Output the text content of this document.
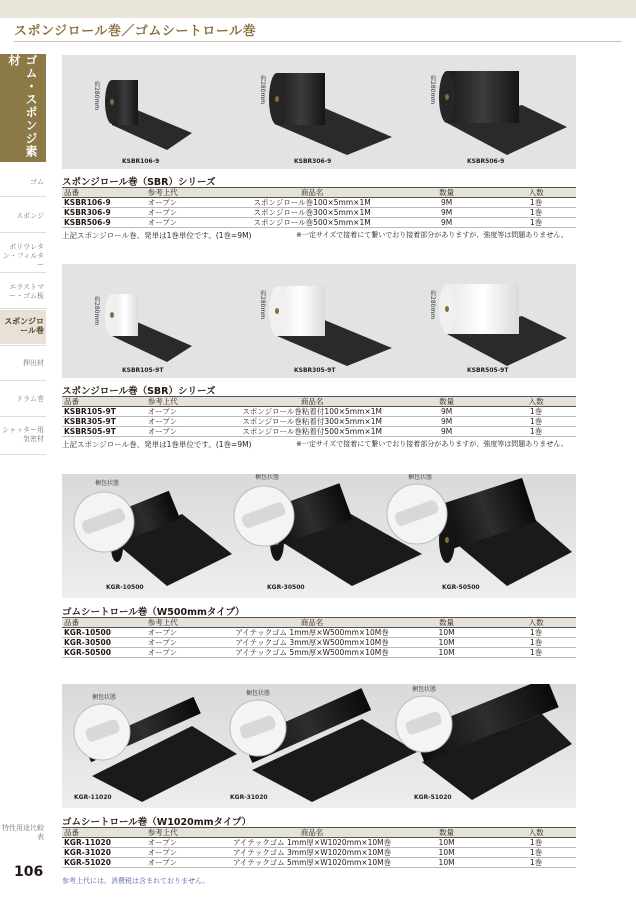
スポンジロール巻／ゴムシートロール巻
ゴム・スポンジ素材
ゴム
スポンジ
ポリウレタン・フィルター
エラストマー・ゴム板
スポンジロール巻
押出材
ドラム巻
シャッター用気密材
特性用途比較表
106
約280mm	約280mm	約280mm
KSBR106-9	KSBR306-9	KSBR506-9
スポンジロール巻（SBR）シリーズ
品番	参考上代	商品名	数量	入数
KSBR106-9	オープン	スポンジロール巻100×5mm×1M	9M	1巻
KSBR306-9	オープン	スポンジロール巻300×5mm×1M	9M	1巻
KSBR506-9	オープン	スポンジロール巻500×5mm×1M	9M	1巻
上記スポンジロール巻、発単は1巻単位です。(1巻=9M)	※一定サイズで接着にて繋いでおり接着部分がありますが、強度等は問題ありません。
約280mm	約280mm	約280mm
KSBR105-9T	KSBR305-9T	KSBR505-9T
スポンジロール巻（SBR）シリーズ
品番	参考上代	商品名	数量	入数
KSBR105-9T	オープン	スポンジロール巻粘着付100×5mm×1M	9M	1巻
KSBR305-9T	オープン	スポンジロール巻粘着付300×5mm×1M	9M	1巻
KSBR505-9T	オープン	スポンジロール巻粘着付500×5mm×1M	9M	1巻
上記スポンジロール巻、発単は1巻単位です。(1巻=9M)	※一定サイズで接着にて繋いでおり接着部分がありますが、強度等は問題ありません。
梱包状態
梱包状態	梱包状態
KGR-10500	KGR-30500	KGR-50500
ゴムシートロール巻（W500mmタイプ）
品番	参考上代	商品名	数量	入数
KGR-10500	オープン	アイテックゴム 1mm厚×W500mm×10M巻	10M	1巻
KGR-30500	オープン	アイテックゴム 3mm厚×W500mm×10M巻	10M	1巻
KGR-50500	オープン	アイテックゴム 5mm厚×W500mm×10M巻	10M	1巻
梱包状態
梱包状態
梱包状態
KGR-11020	KGR-31020	KGR-51020
ゴムシートロール巻（W1020mmタイプ）
品番	参考上代	商品名	数量	入数
KGR-11020	オープン	アイテックゴム 1mm厚×W1020mm×10M巻	10M	1巻
KGR-31020	オープン	アイテックゴム 3mm厚×W1020mm×10M巻	10M	1巻
KGR-51020	オープン	アイテックゴム 5mm厚×W1020mm×10M巻	10M	1巻
参考上代には、消費税は含まれておりません。
